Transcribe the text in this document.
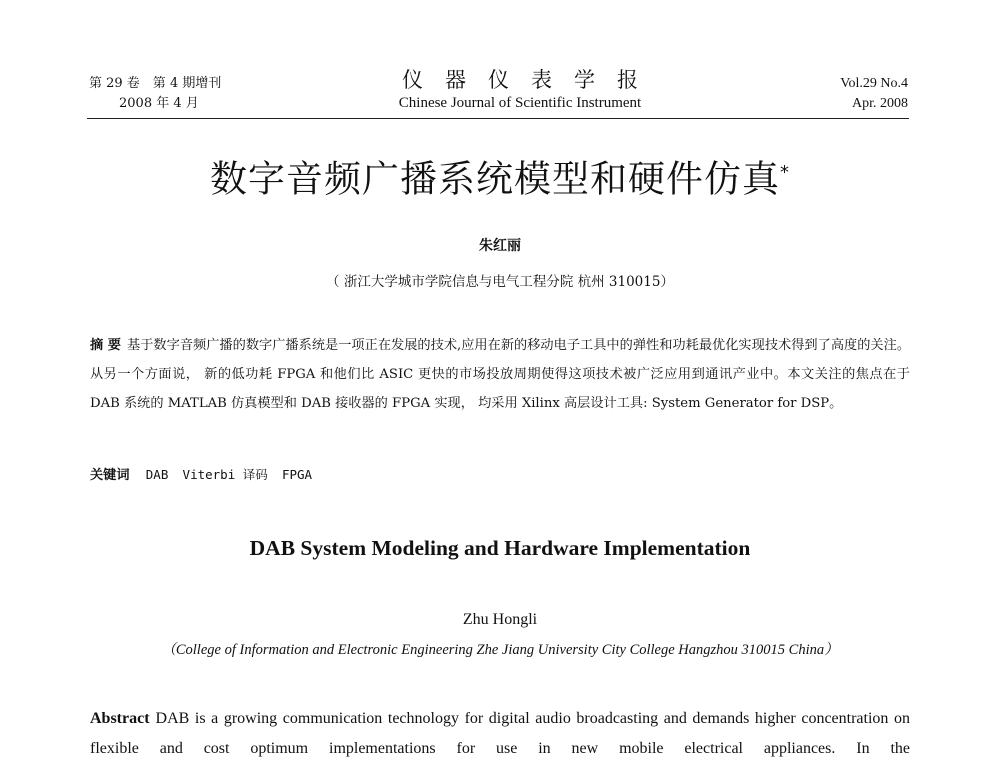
第 29 卷　第 4 期增刊
2008 年 4 月
仪器仪表学报
Chinese Journal of Scientific Instrument
Vol.29 No.4
Apr. 2008
数字音频广播系统模型和硬件仿真*
朱红丽
（ 浙江大学城市学院信息与电气工程分院 杭州 310015）
摘 要 基于数字音频广播的数字广播系统是一项正在发展的技术,应用在新的移动电子工具中的弹性和功耗最优化实现技术得到了高度的关注。从另一个方面说， 新的低功耗 FPGA 和他们比 ASIC 更快的市场投放周期使得这项技术被广泛应用到通讯产业中。本文关注的焦点在于 DAB 系统的 MATLAB 仿真模型和 DAB 接收器的 FPGA 实现， 均采用 Xilinx 高层设计工具: System Generator for DSP。
关键词 DAB Viterbi 译码 FPGA
DAB System Modeling and Hardware Implementation
Zhu Hongli
（College of Information and Electronic Engineering Zhe Jiang University City College Hangzhou 310015 China）
Abstract DAB is a growing communication technology for digital audio broadcasting and demands higher concentration on flexible and cost optimum implementations for use in new mobile electrical appliances. In the
